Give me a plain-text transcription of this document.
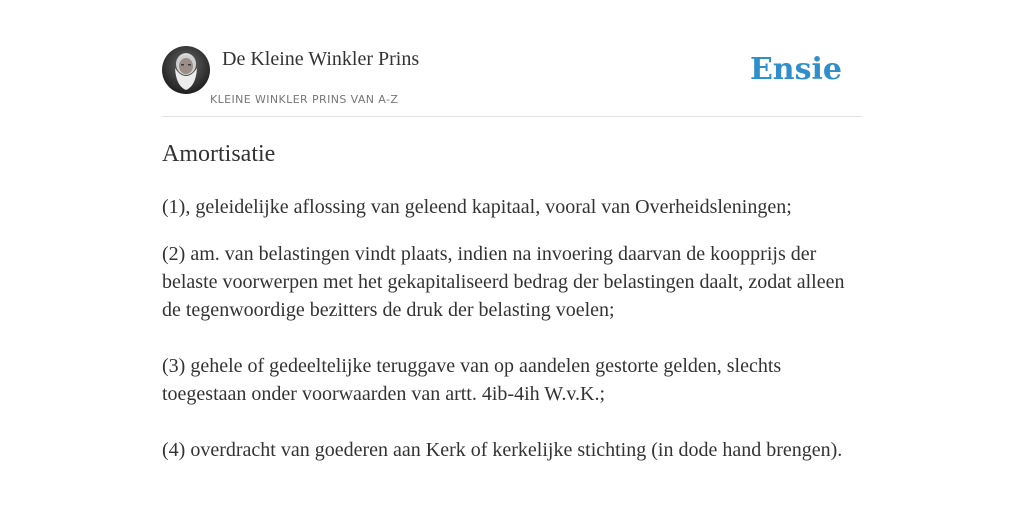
De Kleine Winkler Prins
KLEINE WINKLER PRINS VAN A-Z
Ensie
Amortisatie

(1), geleidelijke aflossing van geleend kapitaal, vooral van Overheidsleningen;

(2) am. van belastingen vindt plaats, indien na invoering daarvan de koopprijs der belaste voorwerpen met het gekapitaliseerd bedrag der belastingen daalt, zodat alleen de tegenwoordige bezitters de druk der belasting voelen;

(3) gehele of gedeeltelijke teruggave van op aandelen gestorte gelden, slechts toegestaan onder voorwaarden van artt. 4ib-4ih W.v.K.;

(4) overdracht van goederen aan Kerk of kerkelijke stichting (in dode hand brengen).
